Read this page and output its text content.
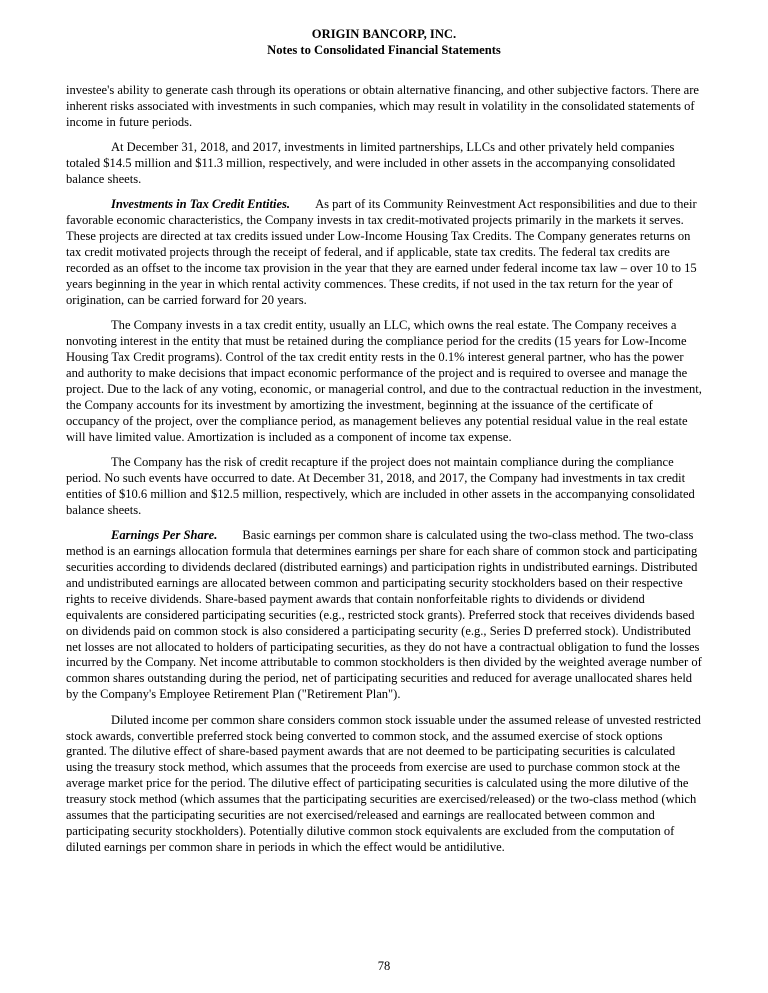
ORIGIN BANCORP, INC.
Notes to Consolidated Financial Statements

investee's ability to generate cash through its operations or obtain alternative financing, and other subjective factors. There are inherent risks associated with investments in such companies, which may result in volatility in the consolidated statements of income in future periods.

At December 31, 2018, and 2017, investments in limited partnerships, LLCs and other privately held companies totaled $14.5 million and $11.3 million, respectively, and were included in other assets in the accompanying consolidated balance sheets.

Investments in Tax Credit Entities. As part of its Community Reinvestment Act responsibilities and due to their favorable economic characteristics, the Company invests in tax credit-motivated projects primarily in the markets it serves. These projects are directed at tax credits issued under Low-Income Housing Tax Credits. The Company generates returns on tax credit motivated projects through the receipt of federal, and if applicable, state tax credits. The federal tax credits are recorded as an offset to the income tax provision in the year that they are earned under federal income tax law – over 10 to 15 years beginning in the year in which rental activity commences. These credits, if not used in the tax return for the year of origination, can be carried forward for 20 years.

The Company invests in a tax credit entity, usually an LLC, which owns the real estate. The Company receives a nonvoting interest in the entity that must be retained during the compliance period for the credits (15 years for Low-Income Housing Tax Credit programs). Control of the tax credit entity rests in the 0.1% interest general partner, who has the power and authority to make decisions that impact economic performance of the project and is required to oversee and manage the project. Due to the lack of any voting, economic, or managerial control, and due to the contractual reduction in the investment, the Company accounts for its investment by amortizing the investment, beginning at the issuance of the certificate of occupancy of the project, over the compliance period, as management believes any potential residual value in the real estate will have limited value. Amortization is included as a component of income tax expense.

The Company has the risk of credit recapture if the project does not maintain compliance during the compliance period. No such events have occurred to date. At December 31, 2018, and 2017, the Company had investments in tax credit entities of $10.6 million and $12.5 million, respectively, which are included in other assets in the accompanying consolidated balance sheets.

Earnings Per Share. Basic earnings per common share is calculated using the two-class method. The two-class method is an earnings allocation formula that determines earnings per share for each share of common stock and participating securities according to dividends declared (distributed earnings) and participation rights in undistributed earnings. Distributed and undistributed earnings are allocated between common and participating security stockholders based on their respective rights to receive dividends. Share-based payment awards that contain nonforfeitable rights to dividends or dividend equivalents are considered participating securities (e.g., restricted stock grants). Preferred stock that receives dividends based on dividends paid on common stock is also considered a participating security (e.g., Series D preferred stock). Undistributed net losses are not allocated to holders of participating securities, as they do not have a contractual obligation to fund the losses incurred by the Company. Net income attributable to common stockholders is then divided by the weighted average number of common shares outstanding during the period, net of participating securities and reduced for average unallocated shares held by the Company's Employee Retirement Plan ("Retirement Plan").

Diluted income per common share considers common stock issuable under the assumed release of unvested restricted stock awards, convertible preferred stock being converted to common stock, and the assumed exercise of stock options granted. The dilutive effect of share-based payment awards that are not deemed to be participating securities is calculated using the treasury stock method, which assumes that the proceeds from exercise are used to purchase common stock at the average market price for the period. The dilutive effect of participating securities is calculated using the more dilutive of the treasury stock method (which assumes that the participating securities are exercised/released) or the two-class method (which assumes that the participating securities are not exercised/released and earnings are reallocated between common and participating security stockholders). Potentially dilutive common stock equivalents are excluded from the computation of diluted earnings per common share in periods in which the effect would be antidilutive.

78
